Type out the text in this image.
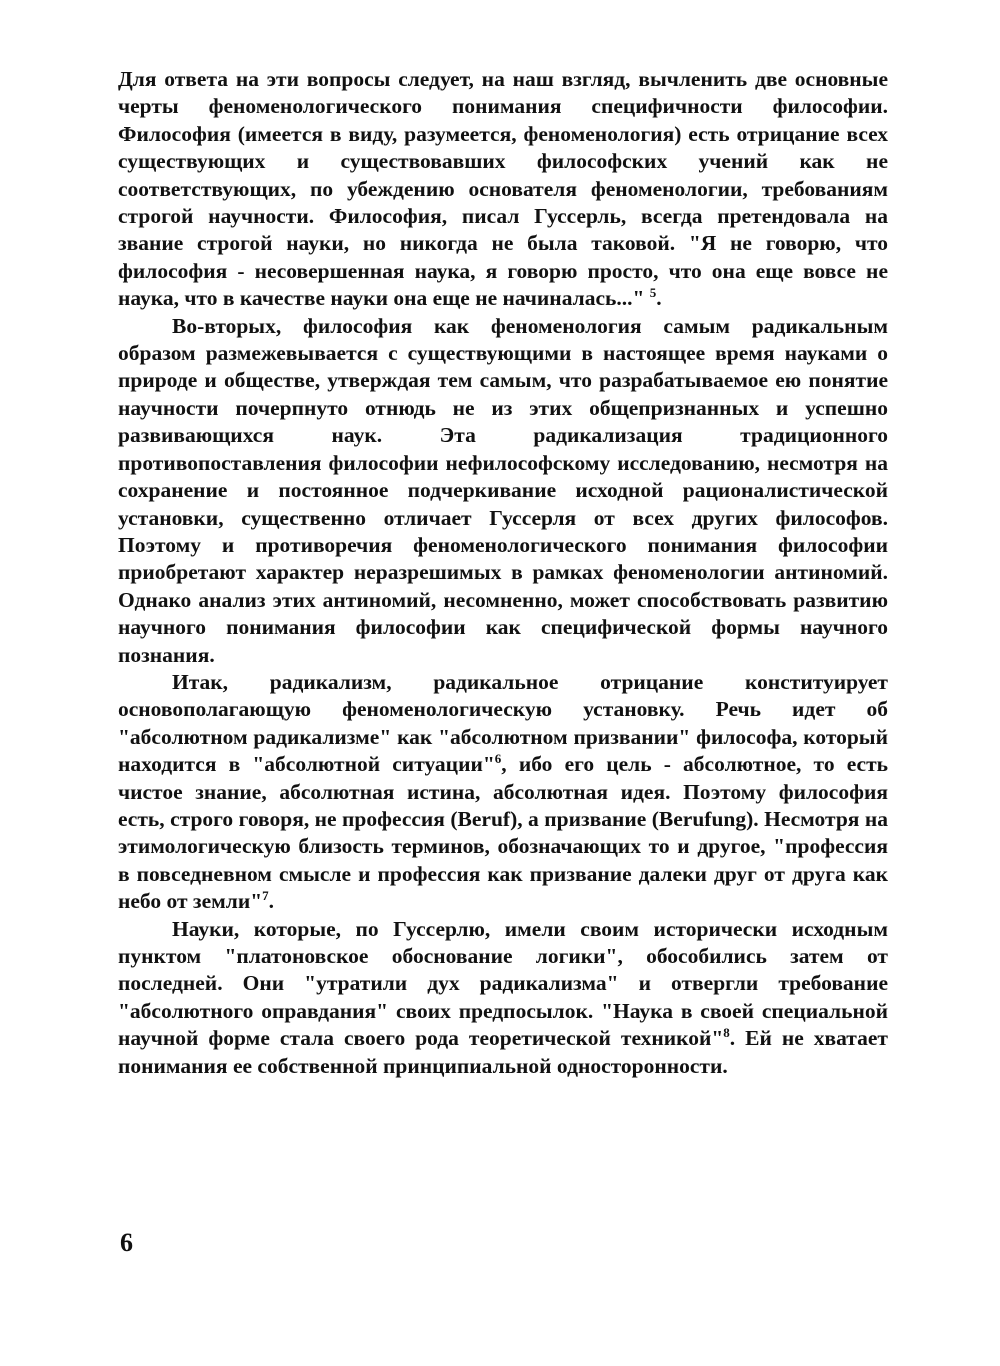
Для ответа на эти вопросы следует, на наш взгляд, вычленить две основные черты феноменологического понимания специфичности философии. Философия (имеется в виду, разумеется, феноменология) есть отрицание всех существующих и существовавших философских учений как не соответствующих, по убеждению основателя феноменологии, требованиям строгой научности. Философия, писал Гуссерль, всегда претендовала на звание строгой науки, но никогда не была таковой. "Я не говорю, что философия - несовершенная наука, я говорю просто, что она еще вовсе не наука, что в качестве науки она еще не начиналась..." $^5$.

Во-вторых, философия как феноменология самым радикальным образом размежевывается с существующими в настоящее время науками о природе и обществе, утверждая тем самым, что разрабатываемое ею понятие научности почерпнуто отнюдь не из этих общепризнанных и успешно развивающихся наук. Эта радикализация традиционного противопоставления философии нефилософскому исследованию, несмотря на сохранение и постоянное подчеркивание исходной рационалистической установки, существенно отличает Гуссерля от всех других философов. Поэтому и противоречия феноменологического понимания философии приобретают характер неразрешимых в рамках феноменологии антиномий. Однако анализ этих антиномий, несомненно, может способствовать развитию научного понимания философии как специфической формы научного познания.

Итак, радикализм, радикальное отрицание конституирует основополагающую феноменологическую установку. Речь идет об "абсолютном радикализме" как "абсолютном призвании" философа, который находится в "абсолютной ситуации"$^6$, ибо его цель - абсолютное, то есть чистое знание, абсолютная истина, абсолютная идея. Поэтому философия есть, строго говоря, не профессия (Beruf), а призвание (Berufung). Несмотря на этимологическую близость терминов, обозначающих то и другое, "профессия в повседневном смысле и профессия как призвание далеки друг от друга как небо от земли"$^7$.

Науки, которые, по Гуссерлю, имели своим исторически исходным пунктом "платоновское обоснование логики", обособились затем от последней. Они "утратили дух радикализма" и отвергли требование "абсолютного оправдания" своих предпосылок. "Наука в своей специальной научной форме стала своего рода теоретической техникой"$^8$. Ей не хватает понимания ее собственной принципиальной односторонности.

6
